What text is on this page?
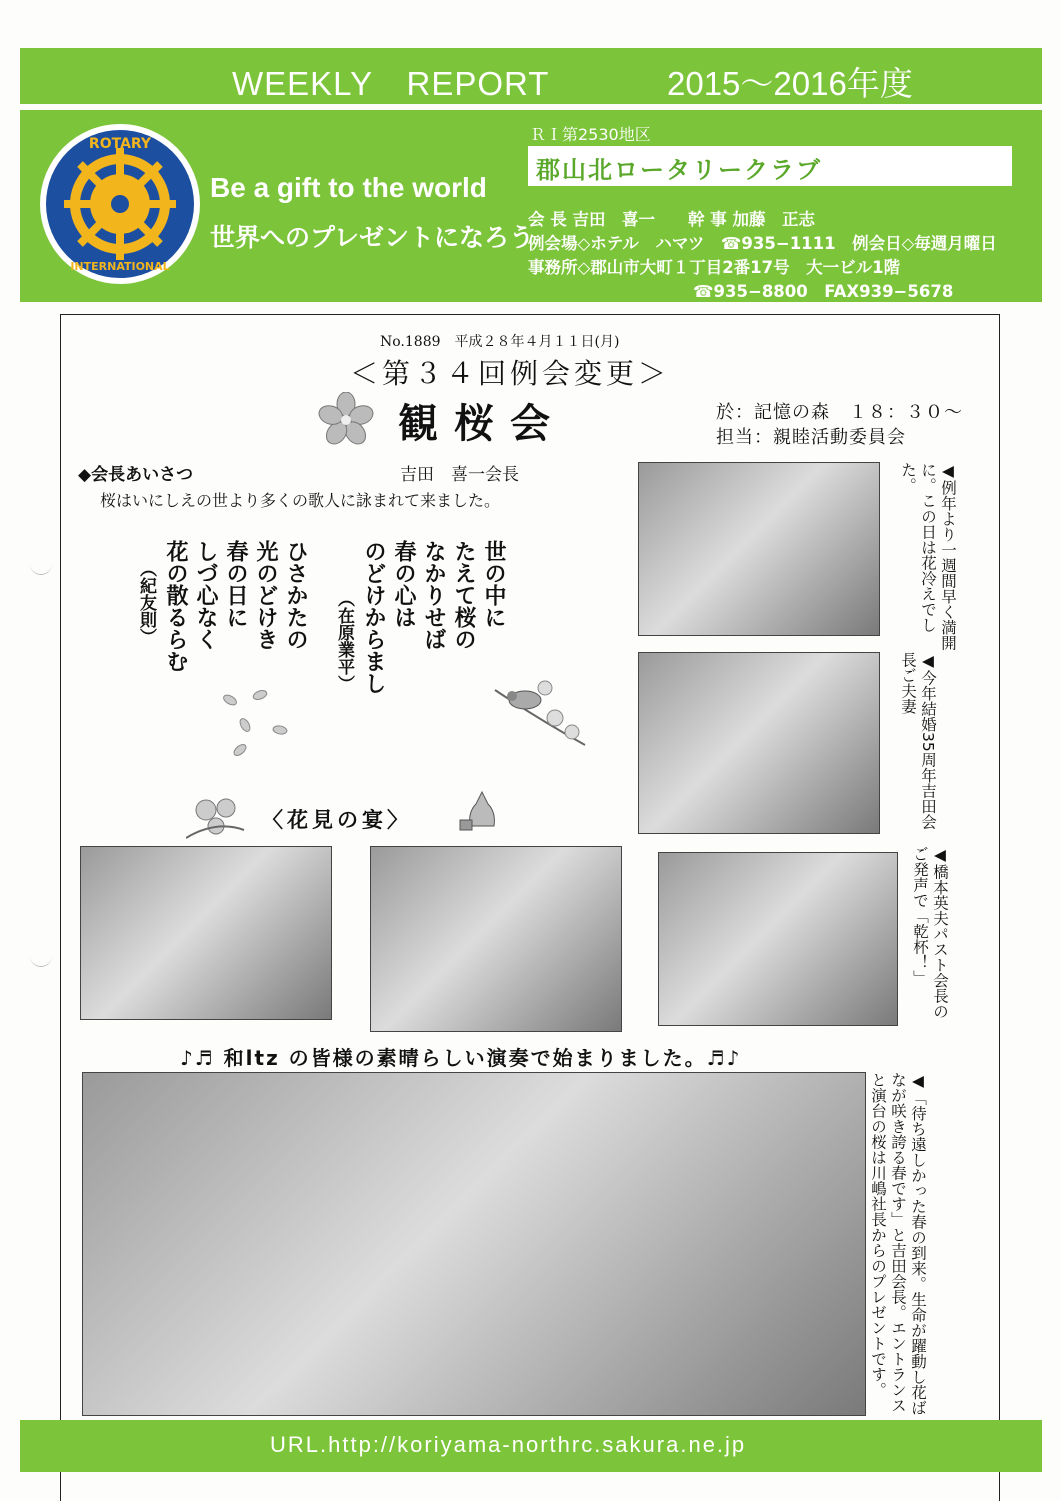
WEEKLY　REPORT	2015～2016年度
ROTARY
INTERNATIONAL
Be a gift to the world
世界へのプレゼントになろう
ＲＩ第2530地区
郡山北ロータリークラブ
会 長 吉田　喜一　　幹 事 加藤　正志
例会場◇ホテル　ハマツ　☎935−1111　例会日◇毎週月曜日
事務所◇郡山市大町１丁目2番17号　大一ビル1階
　　　　　　　　　　☎935−8800　FAX939−5678
No.1889　平成２８年４月１１日(月)
＜第３４回例会変更＞
観桜会	於：記憶の森　１８：３０〜
担当：親睦活動委員会
◆会長あいさつ	吉田　喜一会長
桜はいにしえの世より多くの歌人に詠まれて来ました。
世の中に
たえて桜の
なかりせば
春の心は
のどけからまし
（在原業平）
ひさかたの
光のどけき
春の日に
しづ心なく
花の散るらむ
（紀友則）	◀例年より一週間早く満開に。この日は花冷えでした。
◀今年結婚35周年吉田会長ご夫妻
〈花見の宴〉
◀橋本英夫パスト会長のご発声で「乾杯！」
♪♬ 和ltz の皆様の素晴らしい演奏で始まりました。♬♪
◀「待ち遠しかった春の到来。生命が躍動し花ばなが咲き誇る春です」と吉田会長。エントランスと演台の桜は川嶋社長からのプレゼントです。
URL.http://koriyama-northrc.sakura.ne.jp
